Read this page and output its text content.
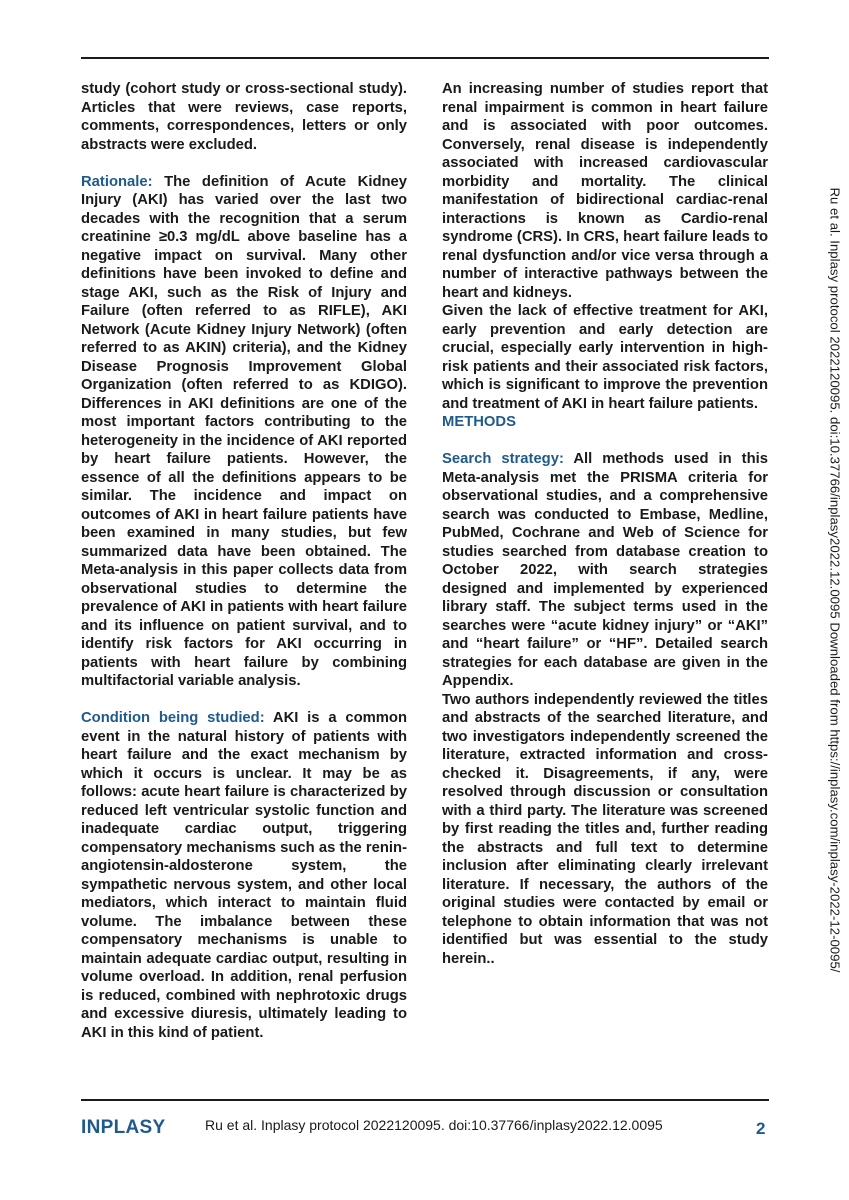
study (cohort study or cross-sectional study). Articles that were reviews, case reports, comments, correspondences, letters or only abstracts were excluded.

Rationale: The definition of Acute Kidney Injury (AKI) has varied over the last two decades with the recognition that a serum creatinine ≥0.3 mg/dL above baseline has a negative impact on survival. Many other definitions have been invoked to define and stage AKI, such as the Risk of Injury and Failure (often referred to as RIFLE), AKI Network (Acute Kidney Injury Network) (often referred to as AKIN) criteria), and the Kidney Disease Prognosis Improvement Global Organization (often referred to as KDIGO). Differences in AKI definitions are one of the most important factors contributing to the heterogeneity in the incidence of AKI reported by heart failure patients. However, the essence of all the definitions appears to be similar. The incidence and impact on outcomes of AKI in heart failure patients have been examined in many studies, but few summarized data have been obtained. The Meta-analysis in this paper collects data from observational studies to determine the prevalence of AKI in patients with heart failure and its influence on patient survival, and to identify risk factors for AKI occurring in patients with heart failure by combining multifactorial variable analysis.

Condition being studied: AKI is a common event in the natural history of patients with heart failure and the exact mechanism by which it occurs is unclear. It may be as follows: acute heart failure is characterized by reduced left ventricular systolic function and inadequate cardiac output, triggering compensatory mechanisms such as the renin-angiotensin-aldosterone system, the sympathetic nervous system, and other local mediators, which interact to maintain fluid volume. The imbalance between these compensatory mechanisms is unable to maintain adequate cardiac output, resulting in volume overload. In addition, renal perfusion is reduced, combined with nephrotoxic drugs and excessive diuresis, ultimately leading to AKI in this kind of patient.

An increasing number of studies report that renal impairment is common in heart failure and is associated with poor outcomes. Conversely, renal disease is independently associated with increased cardiovascular morbidity and mortality. The clinical manifestation of bidirectional cardiac-renal interactions is known as Cardio-renal syndrome (CRS). In CRS, heart failure leads to renal dysfunction and/or vice versa through a number of interactive pathways between the heart and kidneys.

Given the lack of effective treatment for AKI, early prevention and early detection are crucial, especially early intervention in high-risk patients and their associated risk factors, which is significant to improve the prevention and treatment of AKI in heart failure patients.

METHODS

Search strategy: All methods used in this Meta-analysis met the PRISMA criteria for observational studies, and a comprehensive search was conducted to Embase, Medline, PubMed, Cochrane and Web of Science for studies searched from database creation to October 2022, with search strategies designed and implemented by experienced library staff. The subject terms used in the searches were “acute kidney injury” or “AKI” and “heart failure” or “HF”. Detailed search strategies for each database are given in the Appendix.

Two authors independently reviewed the titles and abstracts of the searched literature, and two investigators independently screened the literature, extracted information and cross-checked it. Disagreements, if any, were resolved through discussion or consultation with a third party. The literature was screened by first reading the titles and, further reading the abstracts and full text to determine inclusion after eliminating clearly irrelevant literature. If necessary, the authors of the original studies were contacted by email or telephone to obtain information that was not identified but was essential to the study herein..	Ru et al. Inplasy protocol 2022120095. doi:10.37766/inplasy2022.12.0095 Downloaded from https://inplasy.com/inplasy-2022-12-0095/
INPLASY	Ru et al. Inplasy protocol 2022120095. doi:10.37766/inplasy2022.12.0095	2
